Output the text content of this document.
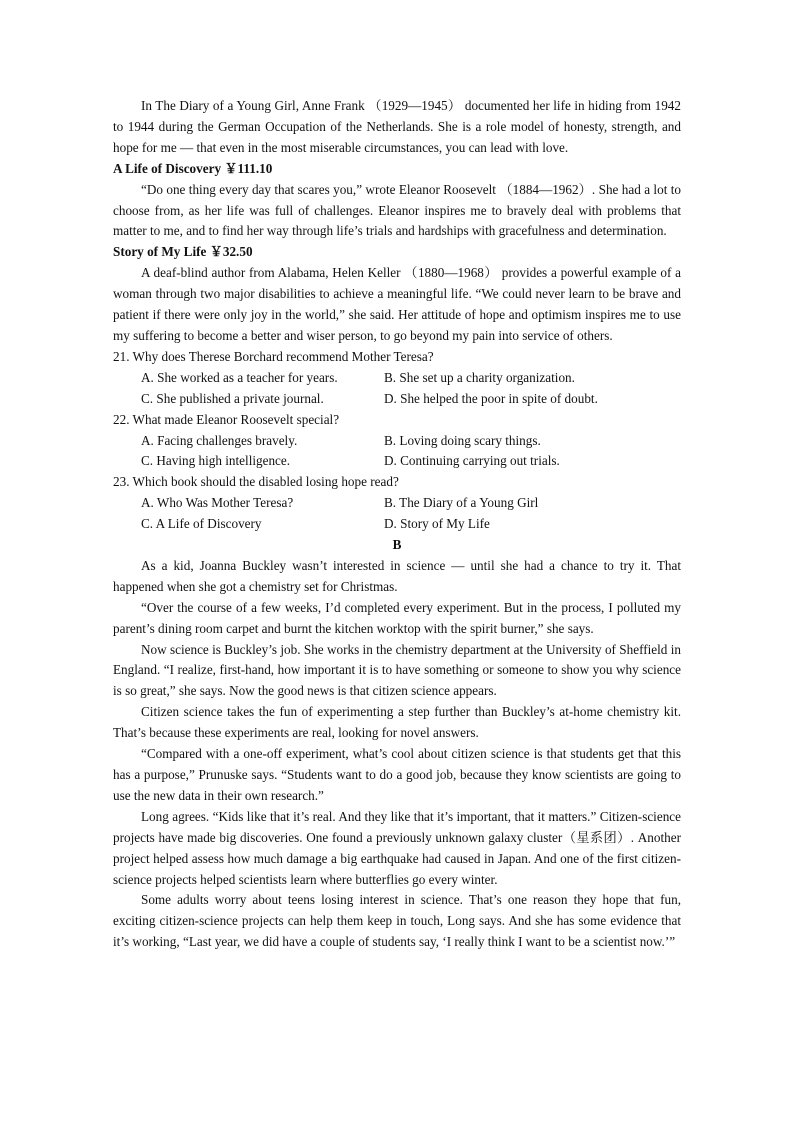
In The Diary of a Young Girl, Anne Frank （1929—1945） documented her life in hiding from 1942 to 1944 during the German Occupation of the Netherlands. She is a role model of honesty, strength, and hope for me — that even in the most miserable circumstances, you can lead with love.

A Life of Discovery ￥111.10

“Do one thing every day that scares you,” wrote Eleanor Roosevelt （1884—1962）. She had a lot to choose from, as her life was full of challenges. Eleanor inspires me to bravely deal with problems that matter to me, and to find her way through life’s trials and hardships with gracefulness and determination.

Story of My Life ￥32.50

A deaf-blind author from Alabama, Helen Keller （1880—1968） provides a powerful example of a woman through two major disabilities to achieve a meaningful life. “We could never learn to be brave and patient if there were only joy in the world,” she said. Her attitude of hope and optimism inspires me to use my suffering to become a better and wiser person, to go beyond my pain into service of others.

21. Why does Therese Borchard recommend Mother Teresa?

A. She worked as a teacher for years.	B. She set up a charity organization.
C. She published a private journal.	D. She helped the poor in spite of doubt.

22. What made Eleanor Roosevelt special?

A. Facing challenges bravely.	B. Loving doing scary things.
C. Having high intelligence.	D. Continuing carrying out trials.

23. Which book should the disabled losing hope read?

A. Who Was Mother Teresa?	B. The Diary of a Young Girl
C. A Life of Discovery	D. Story of My Life

B

As a kid, Joanna Buckley wasn’t interested in science — until she had a chance to try it. That happened when she got a chemistry set for Christmas.

“Over the course of a few weeks, I’d completed every experiment. But in the process, I polluted my parent’s dining room carpet and burnt the kitchen worktop with the spirit burner,” she says.

Now science is Buckley’s job. She works in the chemistry department at the University of Sheffield in England. “I realize, first-hand, how important it is to have something or someone to show you why science is so great,” she says. Now the good news is that citizen science appears.

Citizen science takes the fun of experimenting a step further than Buckley’s at-home chemistry kit. That’s because these experiments are real, looking for novel answers.

“Compared with a one-off experiment, what’s cool about citizen science is that students get that this has a purpose,” Prunuske says. “Students want to do a good job, because they know scientists are going to use the new data in their own research.”

Long agrees. “Kids like that it’s real. And they like that it’s important, that it matters.” Citizen-science projects have made big discoveries. One found a previously unknown galaxy cluster（星系团）. Another project helped assess how much damage a big earthquake had caused in Japan. And one of the first citizen-science projects helped scientists learn where butterflies go every winter.

Some adults worry about teens losing interest in science. That’s one reason they hope that fun, exciting citizen-science projects can help them keep in touch, Long says. And she has some evidence that it’s working, “Last year, we did have a couple of students say, ‘I really think I want to be a scientist now.’”
